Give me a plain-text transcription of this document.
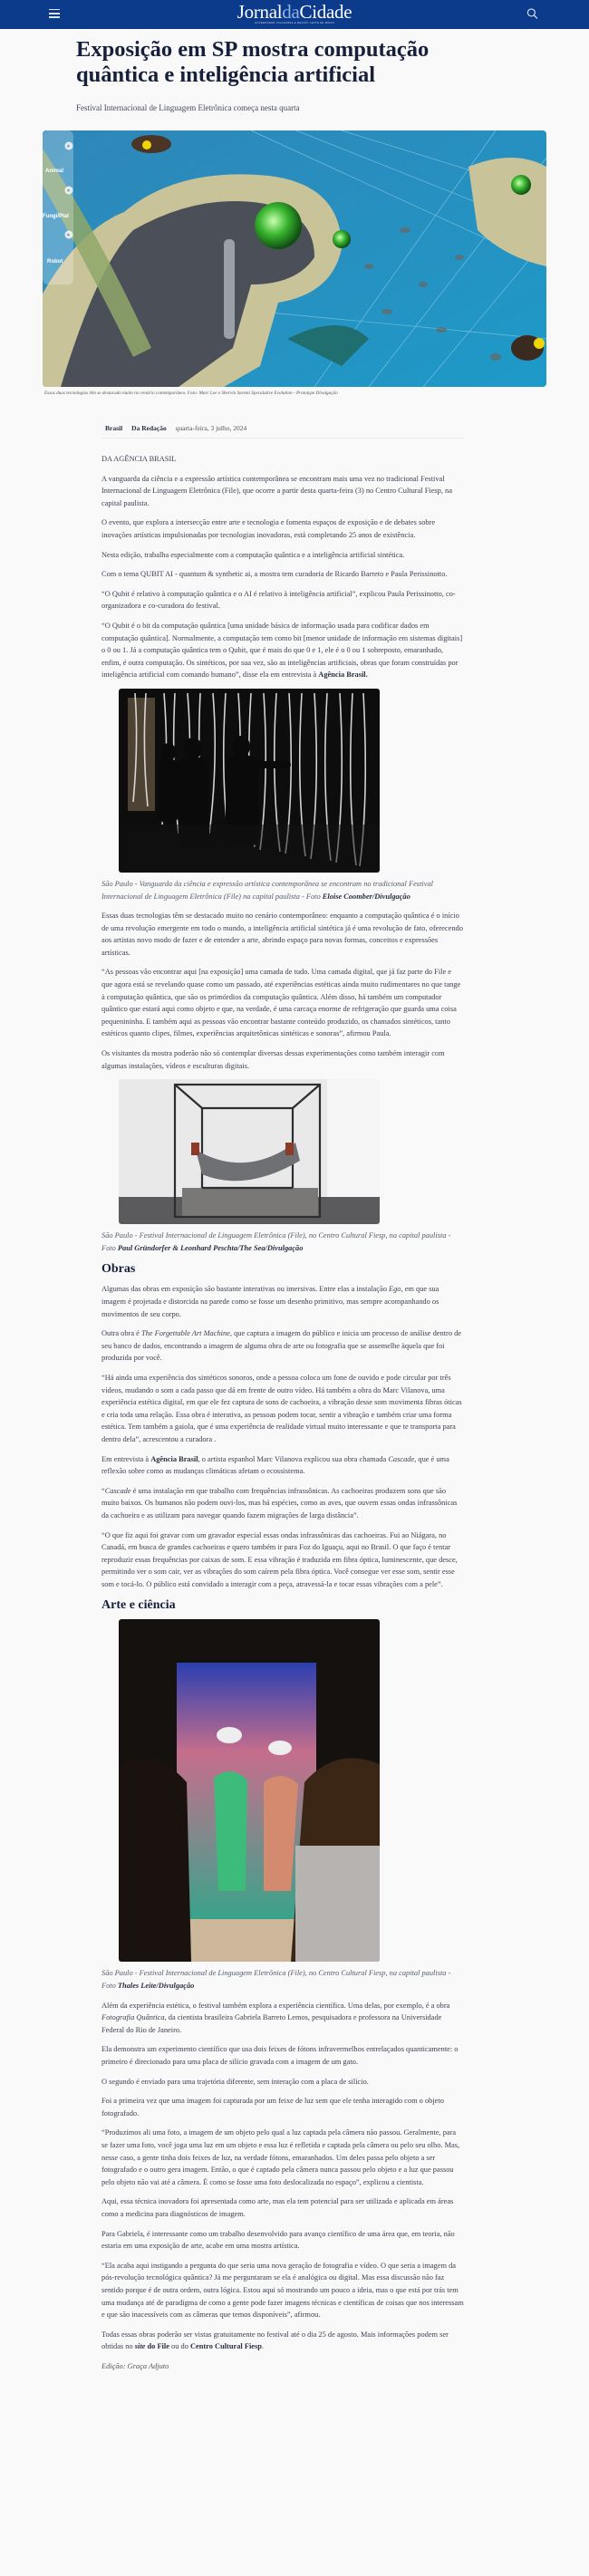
JornaldaCidade
GOVERNADOR VALADARES E REGIÃO LESTE DE MINAS
Exposição em SP mostra computação quântica e inteligência artificial
Festival Internacional de Linguagem Eletrônica começa nesta quarta
×
×
×
Animal
Fungi/Plat
Robot
Essas duas tecnologias têm se destacado muito no cenário contemporâneo. Foto: Marc Lee e Shervin Saremi Speculative Evolution - Prototype Divulgação
Brasil Da Redação quarta-feira, 3 julho, 2024

DA AGÊNCIA BRASIL

A vanguarda da ciência e a expressão artística contemporânea se encontram mais uma vez no tradicional Festival Internacional de Linguagem Eletrônica (File), que ocorre a partir desta quarta-feira (3) no Centro Cultural Fiesp, na capital paulista.

O evento, que explora a intersecção entre arte e tecnologia e fomenta espaços de exposição e de debates sobre inovações artísticas impulsionadas por tecnologias inovadoras, está completando 25 anos de existência.

Nesta edição, trabalha especialmente com a computação quântica e a inteligência artificial sintética.

Com o tema QUBIT AI - quantum & synthetic ai, a mostra tem curadoria de Ricardo Barreto e Paula Perissinotto.

“O Qubit é relativo à computação quântica e o AI é relativo à inteligência artificial”, explicou Paula Perissinotto, co-organizadora e co-curadora do festival.

“O Qubit é o bit da computação quântica [uma unidade básica de informação usada para codificar dados em computação quântica]. Normalmente, a computação tem como bit [menor unidade de informação em sistemas digitais] o 0 ou 1. Já a computação quântica tem o Qubit, que é mais do que 0 e 1, ele é o 0 ou 1 sobreposto, emaranhado, enfim, é outra computação. Os sintéticos, por sua vez, são as inteligências artificiais, obras que foram construídas por inteligência artificial com comando humano”, disse ela em entrevista à Agência Brasil.

São Paulo - Vanguarda da ciência e expressão artística contemporânea se encontram no tradicional Festival Internacional de Linguagem Eletrônica (File) na capital paulista - Foto Eloise Coomber/Divulgação

Essas duas tecnologias têm se destacado muito no cenário contemporâneo: enquanto a computação quântica é o início de uma revolução emergente em todo o mundo, a inteligência artificial sintética já é uma revolução de fato, oferecendo aos artistas novo modo de fazer e de entender a arte, abrindo espaço para novas formas, conceitos e expressões artísticas.

“As pessoas vão encontrar aqui [na exposição] uma camada de tudo. Uma camada digital, que já faz parte do File e que agora está se revelando quase como um passado, até experiências estéticas ainda muito rudimentares no que tange à computação quântica, que são os primórdios da computação quântica. Além disso, há também um computador quântico que estará aqui como objeto e que, na verdade, é uma carcaça enorme de refrigeração que guarda uma coisa pequenininha. E também aqui as pessoas vão encontrar bastante conteúdo produzido, os chamados sintéticos, tanto estéticos quanto clipes, filmes, experiências arquitetônicas sintéticas e sonoras”, afirmou Paula.

Os visitantes da mostra poderão não só contemplar diversas dessas experimentações como também interagir com algumas instalações, vídeos e esculturas digitais.

São Paulo - Festival Internacional de Linguagem Eletrônica (File), no Centro Cultural Fiesp, na capital paulista - Foto Paul Gründorfer & Leonhard Peschta/The Sea/Divulgação

Obras

Algumas das obras em exposição são bastante interativas ou imersivas. Entre elas a instalação Ego, em que sua imagem é projetada e distorcida na parede como se fosse um desenho primitivo, mas sempre acompanhando os movimentos de seu corpo.

Outra obra é The Forgettable Art Machine, que captura a imagem do público e inicia um processo de análise dentro de seu banco de dados, encontrando a imagem de alguma obra de arte ou fotografia que se assemelhe àquela que foi produzida por você.

“Há ainda uma experiência dos sintéticos sonoros, onde a pessoa coloca um fone de ouvido e pode circular por três vídeos, mudando o som a cada passo que dá em frente de outro vídeo. Há também a obra do Marc Vilanova, uma experiência estética digital, em que ele fez captura de sons de cachoeira, a vibração desse som movimenta fibras óticas e cria toda uma relação. Essa obra é interativa, as pessoas podem tocar, sentir a vibração e também criar uma forma estética. Tem também a gaiola, que é uma experiência de realidade virtual muito interessante e que te transporta para dentro dela”, acrescentou a curadora .

Em entrevista à Agência Brasil, o artista espanhol Marc Vilanova explicou sua obra chamada Cascade, que é uma reflexão sobre como as mudanças climáticas afetam o ecossistema.

“Cascade é uma instalação em que trabalho com frequências infrassônicas. As cachoeiras produzem sons que são muito baixos. Os humanos não podem ouvi-los, mas há espécies, como as aves, que ouvem essas ondas infrassônicas da cachoeira e as utilizam para navegar quando fazem migrações de larga distância”.

“O que fiz aqui foi gravar com um gravador especial essas ondas infrassônicas das cachoeiras. Fui ao Niágara, no Canadá, em busca de grandes cachoeiras e quero também ir para Foz do Iguaçu, aqui no Brasil. O que faço é tentar reproduzir essas frequências por caixas de som. E essa vibração é traduzida em fibra óptica, luminescente, que desce, permitindo ver o som cair, ver as vibrações do som caírem pela fibra óptica. Você consegue ver esse som, sentir esse som e tocá-lo. O público está convidado a interagir com a peça, atravessá-la e tocar essas vibrações com a pele”.

Arte e ciência

São Paulo - Festival Internacional de Linguagem Eletrônica (File), no Centro Cultural Fiesp, na capital paulista - Foto Thales Leite/Divulgação

Além da experiência estética, o festival também explora a experiência científica. Uma delas, por exemplo, é a obra Fotografia Quântica, da cientista brasileira Gabriela Barreto Lemos, pesquisadora e professora na Universidade Federal do Rio de Janeiro.

Ela demonstra um experimento científico que usa dois feixes de fótons infravermelhos entrelaçados quanticamente: o primeiro é direcionado para uma placa de silício gravada com a imagem de um gato.

O segundo é enviado para uma trajetória diferente, sem interação com a placa de silício.

Foi a primeira vez que uma imagem foi capturada por um feixe de luz sem que ele tenha interagido com o objeto fotografado.

“Produzimos ali uma foto, a imagem de um objeto pelo qual a luz captada pela câmera não passou. Geralmente, para se fazer uma foto, você joga uma luz em um objeto e essa luz é refletida e captada pela câmera ou pelo seu olho. Mas, nesse caso, a gente tinha dois feixes de luz, na verdade fótons, emaranhados. Um deles passa pelo objeto a ser fotografado e o outro gera imagem. Então, o que é captado pela câmera nunca passou pelo objeto e a luz que passou pelo objeto não vai até a câmera. É como se fosse uma foto deslocalizada no espaço”, explicou a cientista.

Aqui, essa técnica inovadora foi apresentada como arte, mas ela tem potencial para ser utilizada e aplicada em áreas como a medicina para diagnósticos de imagem.

Para Gabriela, é interessante como um trabalho desenvolvido para avanço científico de uma área que, em teoria, não estaria em uma exposição de arte, acabe em uma mostra artística.

“Ela acaba aqui instigando a pergunta do que seria uma nova geração de fotografia e vídeo. O que seria a imagem da pós-revolução tecnológica quântica? Já me perguntaram se ela é analógica ou digital. Mas essa discussão não faz sentido porque é de outra ordem, outra lógica. Estou aqui só mostrando um pouco a ideia, mas o que está por trás tem uma mudança até de paradigma de como a gente pode fazer imagens técnicas e científicas de coisas que nos interessam e que são inacessíveis com as câmeras que temos disponíveis”, afirmou.

Todas essas obras poderão ser vistas gratuitamente no festival até o dia 25 de agosto. Mais informações podem ser obtidas no site do File ou do Centro Cultural Fiesp.

Edição: Graça Adjuto
